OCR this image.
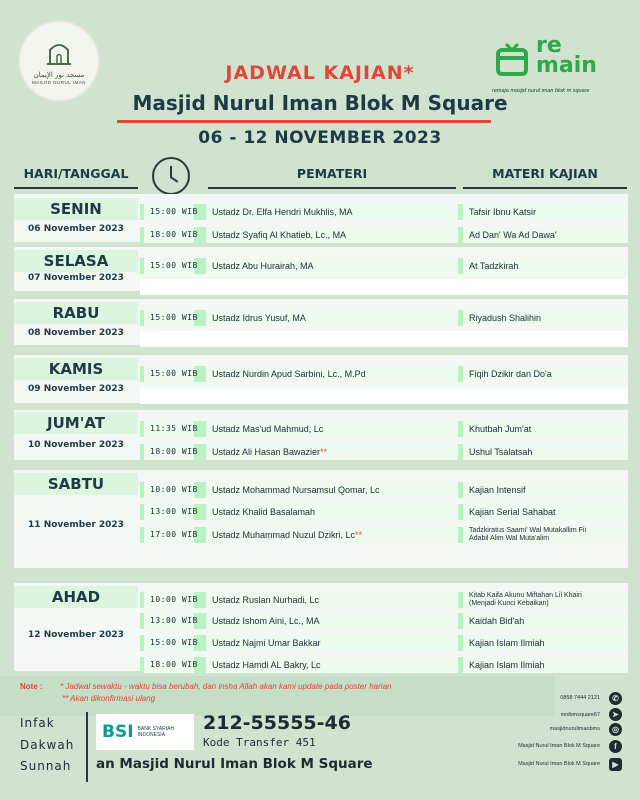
مسجد نور الإيمان
MASJID NURUL IMAN
re
main
remaja masjid nurul iman blok m square
JADWAL KAJIAN*
Masjid Nurul Iman Blok M Square
06 - 12 NOVEMBER 2023
HARI/TANGGAL	PEMATERI	MATERI KAJIAN
SENIN
06 November 2023
15:00 WIB	Ustadz Dr. Elfa Hendri Mukhlis, MA	Tafsir Ibnu Katsir
18:00 WIB	Ustadz Syafiq Al Khatieb, Lc., MA	Ad Dan' Wa Ad Dawa'
SELASA
07 November 2023
15:00 WIB	Ustadz Abu Hurairah, MA	At Tadzkirah
RABU
08 November 2023
15:00 WIB	Ustadz Idrus Yusuf, MA	Riyadush Shalihin
KAMIS
09 November 2023
15:00 WIB	Ustadz Nurdin Apud Sarbini, Lc., M.Pd	Fiqih Dzikir dan Do'a
JUM'AT
10 November 2023
11:35 WIB	Ustadz Mas'ud Mahmud, Lc	Khutbah Jum'at
18:00 WIB	Ustadz Ali Hasan Bawazier**	Ushul Tsalatsah
SABTU
11 November 2023
10:00 WIB	Ustadz Mohammad Nursamsul Qomar, Lc	Kajian Intensif
13:00 WIB	Ustadz Khalid Basalamah	Kajian Serial Sahabat
17:00 WIB	Ustadz Muhammad Nuzul Dzikri, Lc**	Tadzkiratus Saami' Wal Mutakallim Fii
Adabil Alim Wal Muta'alim
AHAD
12 November 2023
10:00 WIB	Ustadz Ruslan Nurhadi, Lc	Kitab Kaifa Akunu Miftahan Lil Khairi
(Menjadi Kunci Kebaikan)
13:00 WIB	Ustadz Ishom Aini, Lc., MA	Kaidah Bid'ah
15:00 WIB	Ustadz Najmi Umar Bakkar	Kajian Islam Ilmiah
18:00 WIB	Ustadz Hamdi AL Bakry, Lc	Kajian Islam Ilmiah
Note : * Jadwal sewaktu - waktu bisa berubah, dan insha Allah akan kami update pada poster harian
** Akan dikonfirmasi ulang
Infak
Dakwah
Sunnah
BSI BANK SYARIAH INDONESIA
212-55555-46
Kode Transfer 451
an Masjid Nurul Iman Blok M Square
0858 7444 2121	✆
mnibmsquare67	➤
masjidnurulimanbms	◎
Masjid Nurul Iman Blok M Square	f
Masjid Nurul Iman Blok M Square	▶
